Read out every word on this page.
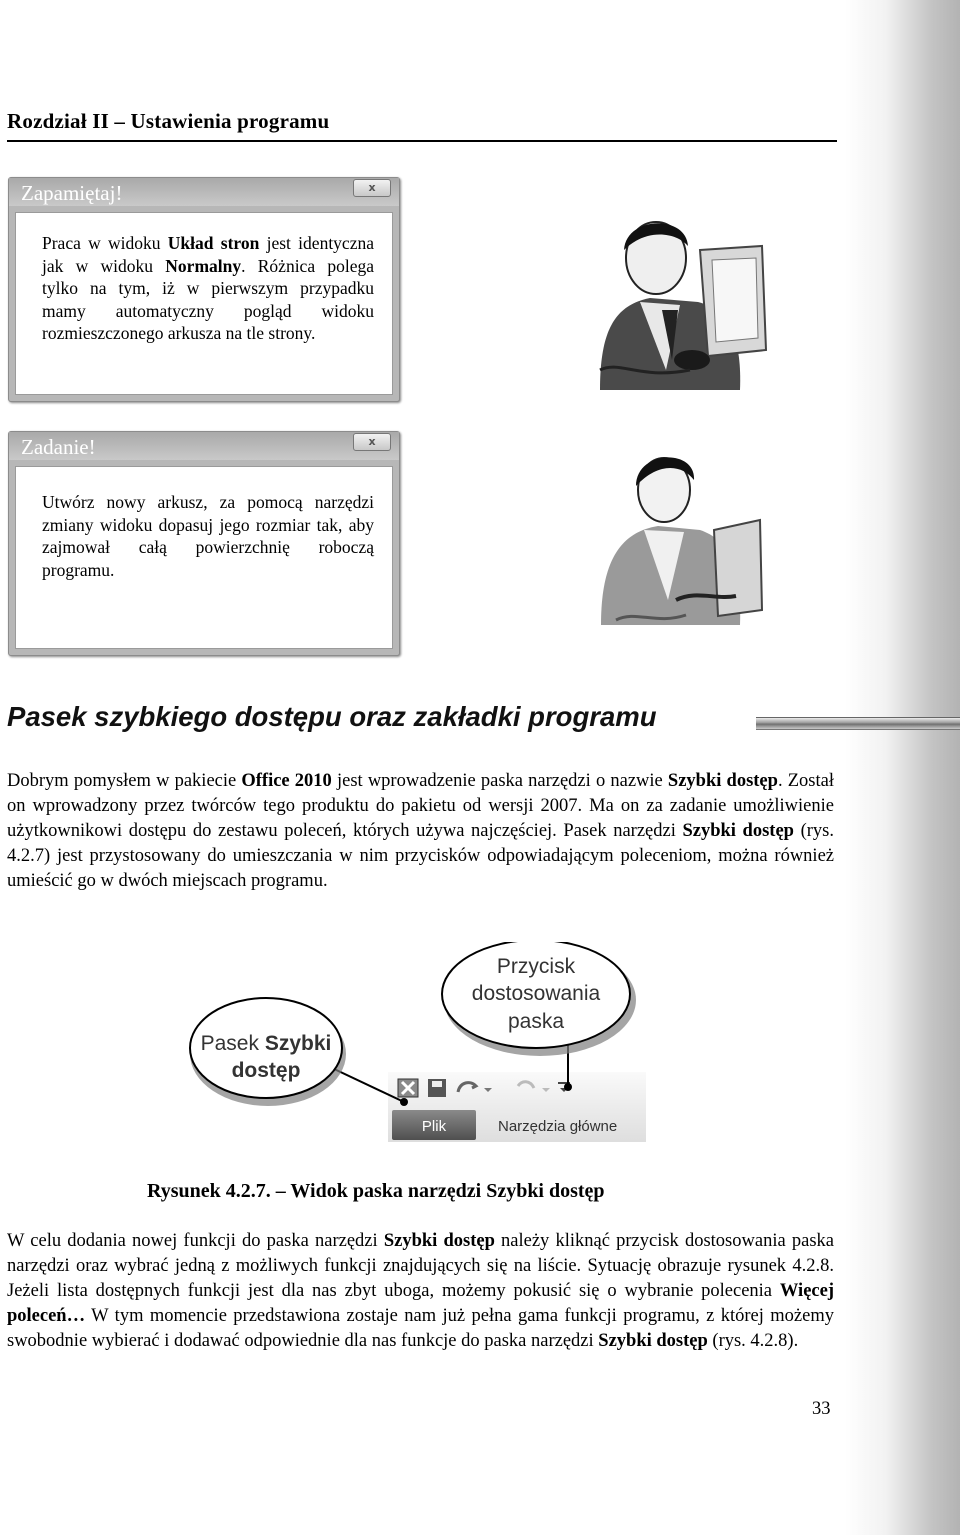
Rozdział II – Ustawienia programu
Zapamiętaj!	x
Praca w widoku Układ stron jest identyczna jak w widoku Normalny. Różnica polega tylko na tym, iż w pierwszym przypadku mamy automatyczny pogląd widoku rozmieszczonego arkusza na tle strony.
Zadanie!	x
Utwórz nowy arkusz, za pomocą narzędzi zmiany widoku dopasuj jego rozmiar tak, aby zajmował całą powierzchnię roboczą programu.
Pasek szybkiego dostępu oraz zakładki programu

Dobrym pomysłem w pakiecie Office 2010 jest wprowadzenie paska narzędzi o nazwie Szybki dostęp. Został on wprowadzony przez twórców tego produktu do pakietu od wersji 2007. Ma on za zadanie umożliwienie użytkownikowi dostępu do zestawu poleceń, których używa najczęściej. Pasek narzędzi Szybki dostęp (rys. 4.2.7) jest przystosowany do umieszczania w nim przycisków odpowiadającym poleceniom, można również umieścić go w dwóch miejscach programu.

Plik	Narzędzia główne
Pasek Szybki
dostęp
Przycisk
dostosowania
paska

Rysunek 4.2.7. – Widok paska narzędzi Szybki dostęp

W celu dodania nowej funkcji do paska narzędzi Szybki dostęp należy kliknąć przycisk dostosowania paska narzędzi oraz wybrać jedną z możliwych funkcji znajdujących się na liście. Sytuację obrazuje rysunek 4.2.8. Jeżeli lista dostępnych funkcji jest dla nas zbyt uboga, możemy pokusić się o wybranie polecenia Więcej poleceń… W tym momencie przedstawiona zostaje nam już pełna gama funkcji programu, z której możemy swobodnie wybierać i dodawać odpowiednie dla nas funkcje do paska narzędzi Szybki dostęp (rys. 4.2.8).

33
